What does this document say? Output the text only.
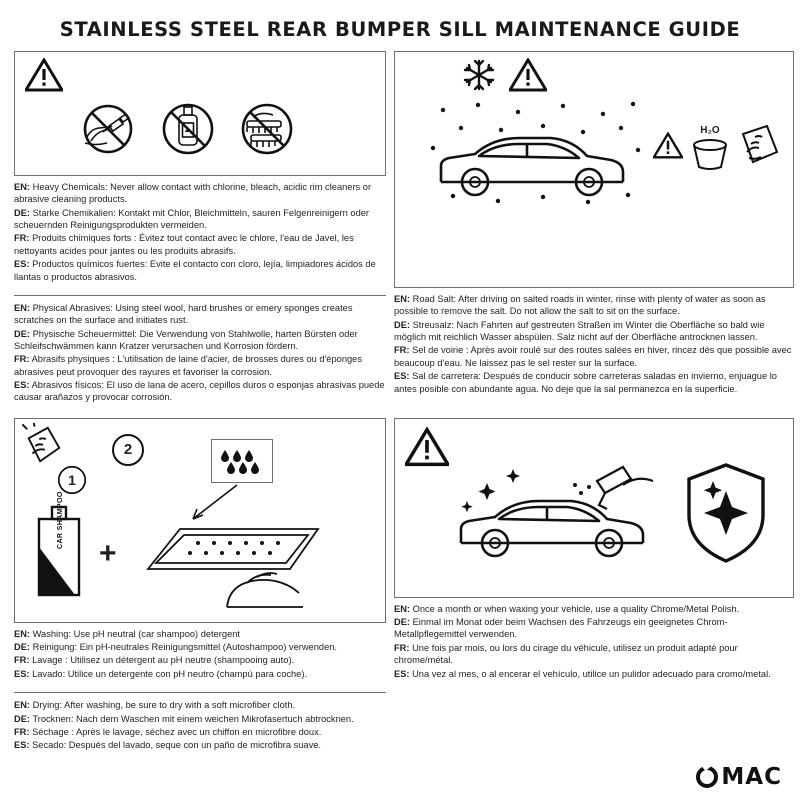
STAINLESS STEEL REAR BUMPER SILL MAINTENANCE GUIDE

EN: Heavy Chemicals: Never allow contact with chlorine, bleach, acidic rim cleaners or abrasive cleaning products.

DE: Starke Chemikalien: Kontakt mit Chlor, Bleichmitteln, sauren Felgenreinigern oder scheuernden Reinigungsprodukten vermeiden.

FR: Produits chimiques forts : Évitez tout contact avec le chlore, l'eau de Javel, les nettoyants acides pour jantes ou les produits abrasifs.

ES: Productos químicos fuertes: Evite el contacto con cloro, lejía, limpiadores ácidos de llantas o productos abrasivos.

EN: Physical Abrasives: Using steel wool, hard brushes or emery sponges creates scratches on the surface and initiates rust.

DE: Physische Scheuermittel: Die Verwendung von Stahlwolle, harten Bürsten oder Schleifschwämmen kann Kratzer verursachen und Korrosion fördern.

FR: Abrasifs physiques : L'utilisation de laine d'acier, de brosses dures ou d'éponges abrasives peut provoquer des rayures et favoriser la corrosion.

ES: Abrasivos físicos: El uso de lana de acero, cepillos duros o esponjas abrasivas puede causar arañazos y provocar corrosión.

H₂O

EN: Road Salt: After driving on salted roads in winter, rinse with plenty of water as soon as possible to remove the salt. Do not allow the salt to sit on the surface.

DE: Streusalz: Nach Fahrten auf gestreuten Straßen im Winter die Oberfläche so bald wie möglich mit reichlich Wasser abspülen. Salz nicht auf der Oberfläche antrocknen lassen.

FR: Sel de voirie : Après avoir roulé sur des routes salées en hiver, rincez dès que possible avec beaucoup d'eau. Ne laissez pas le sel rester sur la surface.

ES: Sal de carretera: Después de conducir sobre carreteras saladas en invierno, enjuague lo antes posible con abundante agua. No deje que la sal permanezca en la superficie.

2
1
CAR SHAMPOO
+

EN: Washing: Use pH neutral (car shampoo) detergent

DE: Reinigung: Ein pH-neutrales Reinigungsmittel (Autoshampoo) verwenden.

FR: Lavage : Utilisez un détergent au pH neutre (shampooing auto).

ES: Lavado: Utilice un detergente con pH neutro (champú para coche).

EN: Drying: After washing, be sure to dry with a soft microfiber cloth.

DE: Trocknen: Nach dem Waschen mit einem weichen Mikrofasertuch abtrocknen.

FR: Séchage : Après le lavage, séchez avec un chiffon en microfibre doux.

ES: Secado: Después del lavado, seque con un paño de microfibra suave.

EN: Once a month or when waxing your vehicle, use a quality Chrome/Metal Polish.

DE: Einmal im Monat oder beim Wachsen des Fahrzeugs ein geeignetes Chrom-Metallpflegemittel verwenden.

FR: Une fois par mois, ou lors du cirage du véhicule, utilisez un produit adapté pour chrome/métal.

ES: Una vez al mes, o al encerar el vehículo, utilice un pulidor adecuado para cromo/metal.

MAC
